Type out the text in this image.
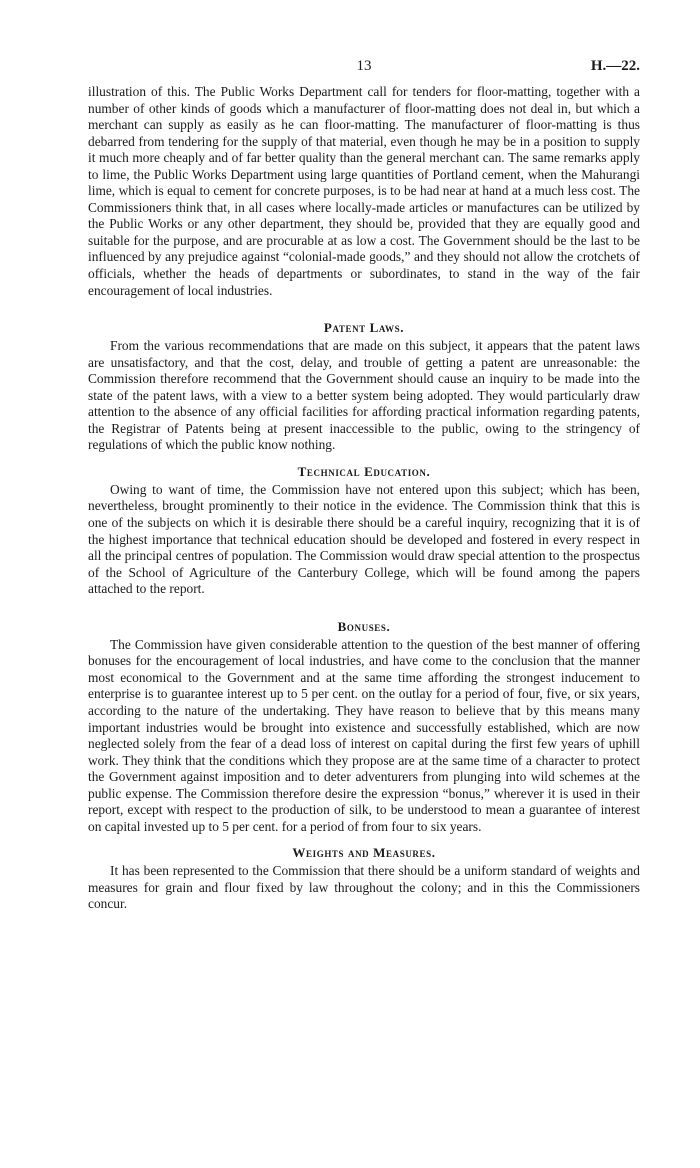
13	H.—22.

illustration of this. The Public Works Department call for tenders for floor-matting, together with a number of other kinds of goods which a manufacturer of floor-matting does not deal in, but which a merchant can supply as easily as he can floor-matting. The manufacturer of floor-matting is thus debarred from tendering for the supply of that material, even though he may be in a position to supply it much more cheaply and of far better quality than the general merchant can. The same remarks apply to lime, the Public Works Department using large quantities of Portland cement, when the Mahurangi lime, which is equal to cement for concrete purposes, is to be had near at hand at a much less cost. The Commissioners think that, in all cases where locally-made articles or manufactures can be utilized by the Public Works or any other department, they should be, provided that they are equally good and suitable for the purpose, and are procurable at as low a cost. The Government should be the last to be influenced by any prejudice against “colonial-made goods,” and they should not allow the crotchets of officials, whether the heads of departments or subordinates, to stand in the way of the fair encouragement of local industries.

Patent Laws.

From the various recommendations that are made on this subject, it appears that the patent laws are unsatisfactory, and that the cost, delay, and trouble of getting a patent are unreasonable: the Commission therefore recommend that the Government should cause an inquiry to be made into the state of the patent laws, with a view to a better system being adopted. They would particularly draw attention to the absence of any official facilities for affording practical information regarding patents, the Registrar of Patents being at present inaccessible to the public, owing to the stringency of regulations of which the public know nothing.

Technical Education.

Owing to want of time, the Commission have not entered upon this subject; which has been, nevertheless, brought prominently to their notice in the evidence. The Commission think that this is one of the subjects on which it is desirable there should be a careful inquiry, recognizing that it is of the highest importance that technical education should be developed and fostered in every respect in all the principal centres of population. The Commission would draw special attention to the prospectus of the School of Agriculture of the Canterbury College, which will be found among the papers attached to the report.

Bonuses.

The Commission have given considerable attention to the question of the best manner of offering bonuses for the encouragement of local industries, and have come to the conclusion that the manner most economical to the Government and at the same time affording the strongest inducement to enterprise is to guarantee interest up to 5 per cent. on the outlay for a period of four, five, or six years, according to the nature of the undertaking. They have reason to believe that by this means many important industries would be brought into existence and successfully established, which are now neglected solely from the fear of a dead loss of interest on capital during the first few years of uphill work. They think that the conditions which they propose are at the same time of a character to protect the Government against imposition and to deter adventurers from plunging into wild schemes at the public expense. The Commission therefore desire the expression “bonus,” wherever it is used in their report, except with respect to the production of silk, to be understood to mean a guarantee of interest on capital invested up to 5 per cent. for a period of from four to six years.

Weights and Measures.

It has been represented to the Commission that there should be a uniform standard of weights and measures for grain and flour fixed by law throughout the colony; and in this the Commissioners concur.
